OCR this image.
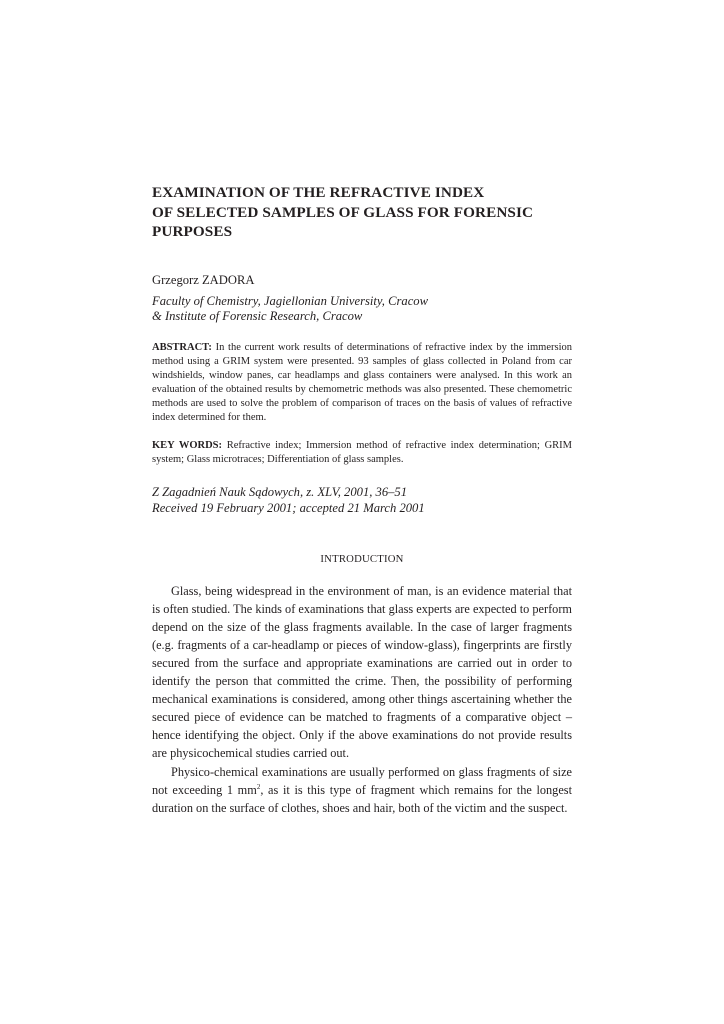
EXAMINATION OF THE REFRACTIVE INDEX
OF SELECTED SAMPLES OF GLASS FOR FORENSIC
PURPOSES
Grzegorz ZADORA
Faculty of Chemistry, Jagiellonian University, Cracow
& Institute of Forensic Research, Cracow
ABSTRACT: In the current work results of determinations of refractive index by the immersion method using a GRIM system were presented. 93 samples of glass collected in Poland from car windshields, window panes, car headlamps and glass containers were analysed. In this work an evaluation of the obtained results by chemometric methods was also presented. These chemometric methods are used to solve the problem of comparison of traces on the basis of values of refractive index determined for them.
KEY WORDS: Refractive index; Immersion method of refractive index determination; GRIM system; Glass microtraces; Differentiation of glass samples.
Z Zagadnień Nauk Sądowych, z. XLV, 2001, 36–51
Received 19 February 2001; accepted 21 March 2001
INTRODUCTION

Glass, being widespread in the environment of man, is an evidence material that is often studied. The kinds of examinations that glass experts are expected to perform depend on the size of the glass fragments available. In the case of larger fragments (e.g. fragments of a car-headlamp or pieces of window-glass), fingerprints are firstly secured from the surface and appropriate examinations are carried out in order to identify the person that committed the crime. Then, the possibility of performing mechanical examinations is considered, among other things ascertaining whether the secured piece of evidence can be matched to fragments of a comparative object – hence identifying the object. Only if the above examinations do not provide results are physicochemical studies carried out.

Physico-chemical examinations are usually performed on glass fragments of size not exceeding 1 $mm^2$, as it is this type of fragment which remains for the longest duration on the surface of clothes, shoes and hair, both of the victim and the suspect.
